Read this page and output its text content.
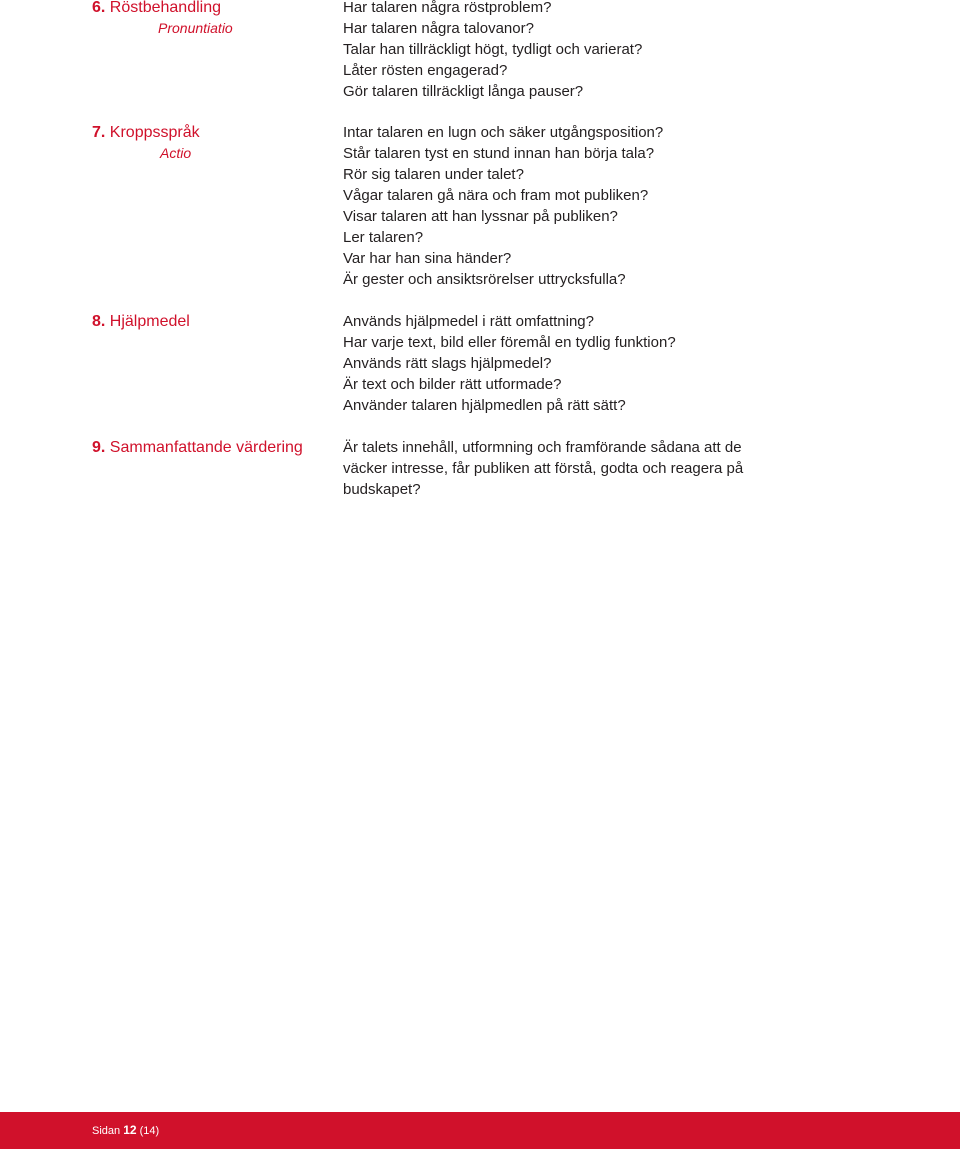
6. Röstbehandling
Pronuntiatio
Har talaren några röstproblem?
Har talaren några talovanor?
Talar han tillräckligt högt, tydligt och varierat?
Låter rösten engagerad?
Gör talaren tillräckligt långa pauser?
7. Kroppsspråk
Actio
Intar talaren en lugn och säker utgångsposition?
Står talaren tyst en stund innan han börja tala?
Rör sig talaren under talet?
Vågar talaren gå nära och fram mot publiken?
Visar talaren att han lyssnar på publiken?
Ler talaren?
Var har han sina händer?
Är gester och ansiktsrörelser uttrycksfulla?
8. Hjälpmedel	Används hjälpmedel i rätt omfattning?
Har varje text, bild eller föremål en tydlig funktion?
Används rätt slags hjälpmedel?
Är text och bilder rätt utformade?
Använder talaren hjälpmedlen på rätt sätt?
9. Sammanfattande värdering	Är talets innehåll, utformning och framförande sådana att de väcker intresse, får publiken att förstå, godta och reagera på budskapet?
Sidan 12 (14)
